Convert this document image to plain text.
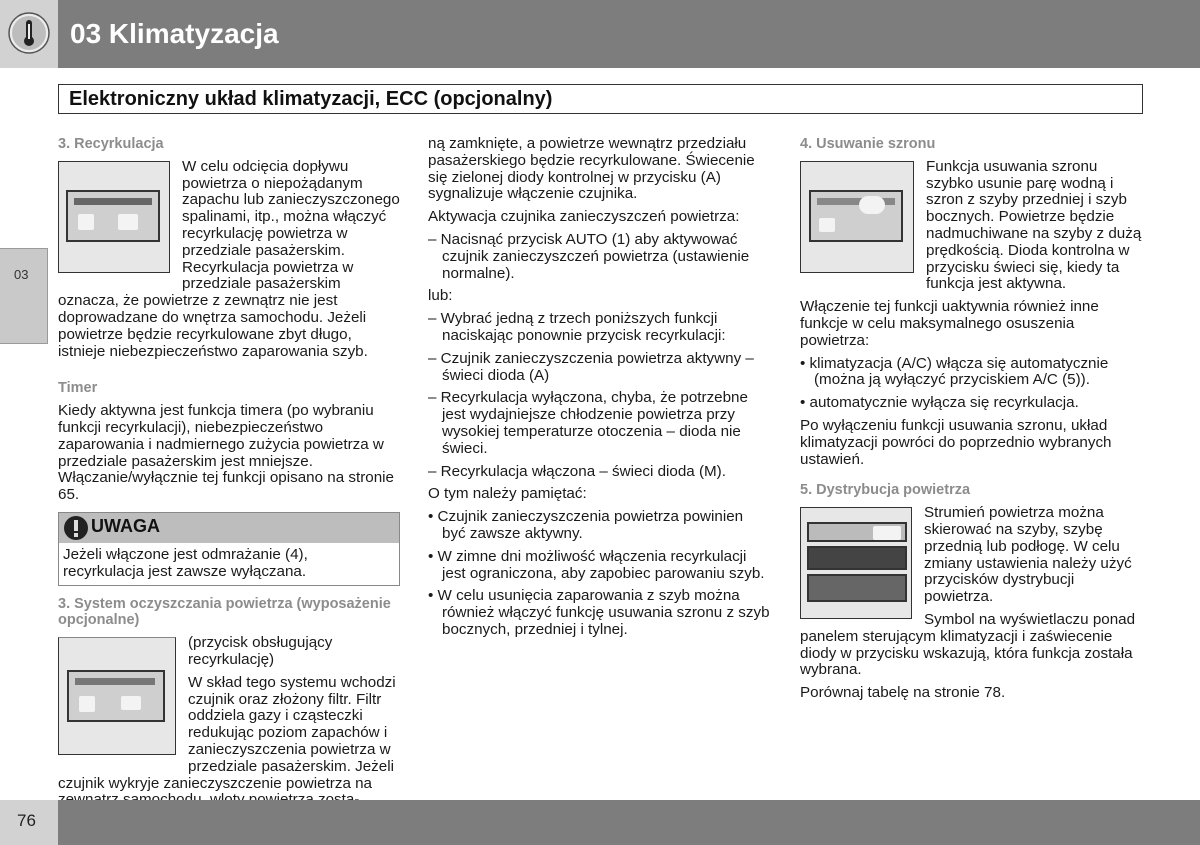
03 Klimatyzacja
03
Elektroniczny układ klimatyzacji, ECC (opcjonalny)
3. Recyrkulacja

W celu odcięcia dopływu powietrza o niepożądanym zapachu lub zanieczyszczonego spalinami, itp., można włączyć recyrkulację powietrza w przedziale pasażerskim. Recyrkulacja powietrza w przedziale pasażerskim oznacza, że powietrze z zewnątrz nie jest doprowadzane do wnętrza samochodu. Jeżeli powietrze będzie recyrkulowane zbyt długo, istnieje niebezpieczeństwo zaparowania szyb.

Timer

Kiedy aktywna jest funkcja timera (po wybraniu funkcji recyrkulacji), niebezpieczeństwo zaparowania i nadmiernego zużycia powietrza w przedziale pasażerskim jest mniejsze. Włączanie/wyłącznie tej funkcji opisano na stronie 65.

UWAGA
Jeżeli włączone jest odmrażanie (4), recyrkulacja jest zawsze wyłączana.
3. System oczyszczania powietrza (wyposażenie opcjonalne)

(przycisk obsługujący recyrkulację)

W skład tego systemu wchodzi czujnik oraz złożony filtr. Filtr oddziela gazy i cząsteczki redukując poziom zapachów i zanieczyszczenia powietrza w przedziale pasażerskim. Jeżeli czujnik wykryje zanieczyszczenie powietrza na

ną zamknięte, a powietrze wewnątrz przedziału pasażerskiego będzie recyrkulowane. Świecenie się zielonej diody kontrolnej w przycisku (A) sygnalizuje włączenie czujnika.

Aktywacja czujnika zanieczyszczeń powietrza:

– Nacisnąć przycisk AUTO (1) aby aktywować czujnik zanieczyszczeń powietrza (ustawienie normalne).

lub:

– Wybrać jedną z trzech poniższych funkcji naciskając ponownie przycisk recyrkulacji:

– Czujnik zanieczyszczenia powietrza aktywny – świeci dioda (A)

– Recyrkulacja wyłączona, chyba, że potrzebne jest wydajniejsze chłodzenie powietrza przy wysokiej temperaturze otoczenia – dioda nie świeci.

– Recyrkulacja włączona – świeci dioda (M).

O tym należy pamiętać:

• Czujnik zanieczyszczenia powietrza powinien być zawsze aktywny.

• W zimne dni możliwość włączenia recyrkulacji jest ograniczona, aby zapobiec parowaniu szyb.

• W celu usunięcia zaparowania z szyb można również włączyć funkcję usuwania szronu z szyb bocznych, przedniej i tylnej.

4. Usuwanie szronu

Funkcja usuwania szronu szybko usunie parę wodną i szron z szyby przedniej i szyb bocznych. Powietrze będzie nadmuchiwane na szyby z dużą prędkością. Dioda kontrolna w przycisku świeci się, kiedy ta funkcja jest aktywna.

Włączenie tej funkcji uaktywnia również inne funkcje w celu maksymalnego osuszenia powietrza:

• klimatyzacja (A/C) włącza się automatycznie (można ją wyłączyć przyciskiem A/C (5)).

• automatycznie wyłącza się recyrkulacja.

Po wyłączeniu funkcji usuwania szronu, układ klimatyzacji powróci do poprzednio wybranych ustawień.

5. Dystrybucja powietrza

Strumień powietrza można skierować na szyby, szybę przednią lub podłogę. W celu zmiany ustawienia należy użyć przycisków dystrybucji powietrza.

Symbol na wyświetlaczu ponad panelem sterującym klimatyzacji i zaświecenie diody w przycisku wskazują, która funkcja została wybrana.

Porównaj tabelę na stronie 78.

76
